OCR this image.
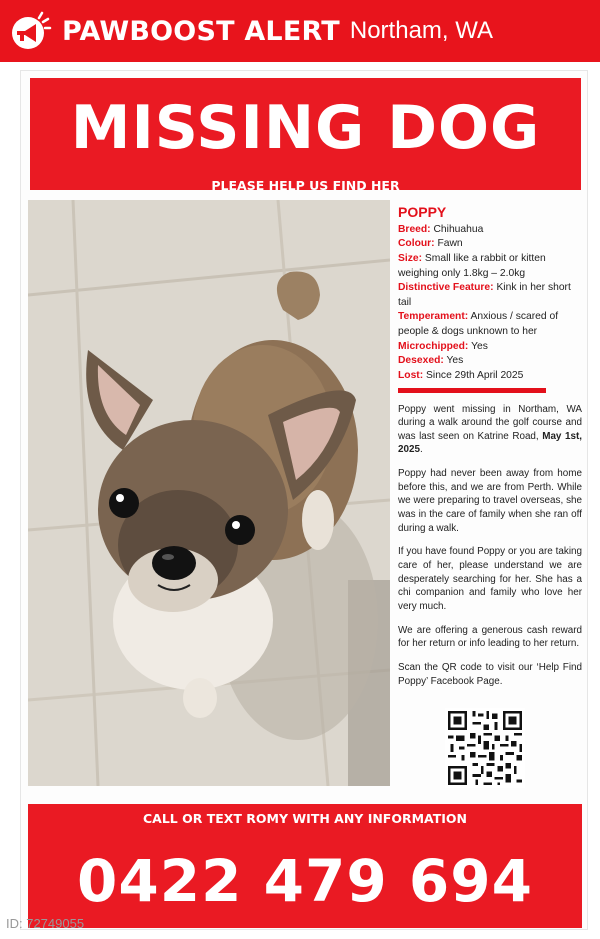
PAWBOOST ALERT Northam, WA
MISSING DOG
PLEASE HELP US FIND HER
POPPY

Breed: Chihuahua

Colour: Fawn

Size: Small like a rabbit or kitten weighing only 1.8kg – 2.0kg

Distinctive Feature: Kink in her short tail

Temperament: Anxious / scared of people & dogs unknown to her

Microchipped: Yes

Desexed: Yes

Lost: Since 29th April 2025

Poppy went missing in Northam, WA during a walk around the golf course and was last seen on Katrine Road, May 1st, 2025.

Poppy had never been away from home before this, and we are from Perth. While we were preparing to travel overseas, she was in the care of family when she ran off during a walk.

If you have found Poppy or you are taking care of her, please understand we are desperately searching for her. She has a chi companion and family who love her very much.

We are offering a generous cash reward for her return or info leading to her return.

Scan the QR code to visit our ‘Help Find Poppy’ Facebook Page.

CALL OR TEXT ROMY WITH ANY INFORMATION
0422 479 694
ID: 72749055
